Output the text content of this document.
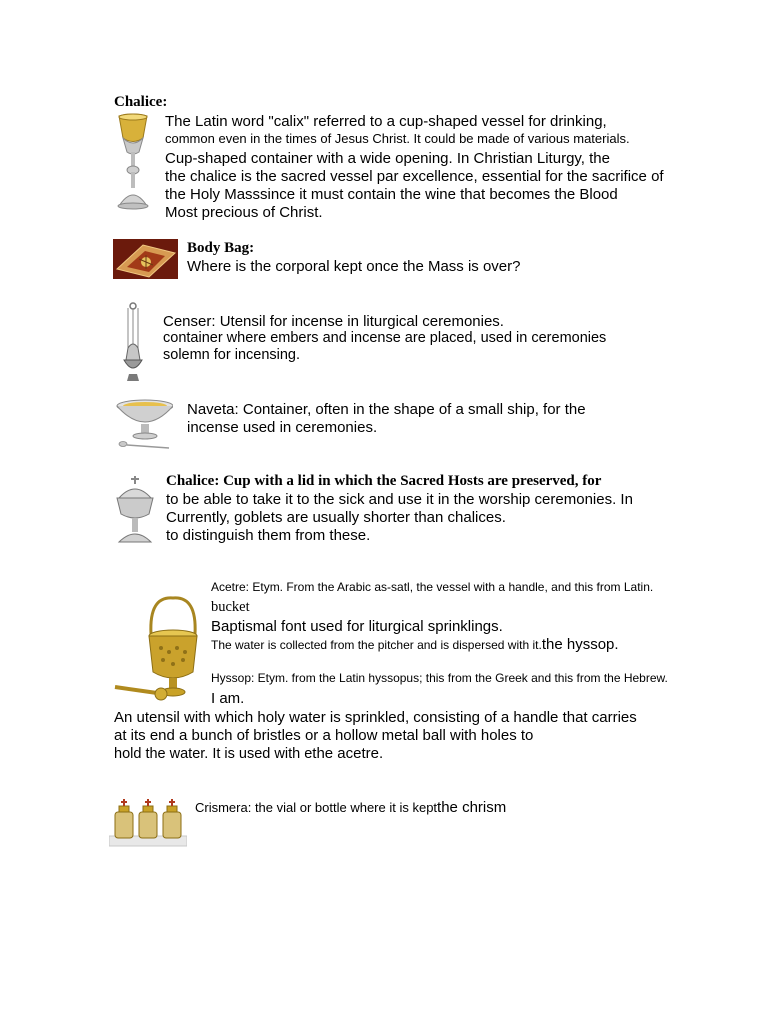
Chalice:
The Latin word "calix" referred to a cup-shaped vessel for drinking,
common even in the times of Jesus Christ. It could be made of various materials.
Cup-shaped container with a wide opening. In Christian Liturgy, the
the chalice is the sacred vessel par excellence, essential for the sacrifice of
the Holy Masssince it must contain the wine that becomes the Blood
Most precious of Christ.
Body Bag:
Where is the corporal kept once the Mass is over?
Censer: Utensil for incense in liturgical ceremonies.
container where embers and incense are placed, used in ceremonies
solemn for incensing.
Naveta: Container, often in the shape of a small ship, for the
incense used in ceremonies.
Chalice: Cup with a lid in which the Sacred Hosts are preserved, for
to be able to take it to the sick and use it in the worship ceremonies. In
Currently, goblets are usually shorter than chalices.
to distinguish them from these.
Acetre: Etym. From the Arabic as-satl, the vessel with a handle, and this from Latin.
bucket
Baptismal font used for liturgical sprinklings.
The water is collected from the pitcher and is dispersed with it.the hyssop.
Hyssop: Etym. from the Latin hyssopus; this from the Greek and this from the Hebrew.
I am.
An utensil with which holy water is sprinkled, consisting of a handle that carries
at its end a bunch of bristles or a hollow metal ball with holes to
hold the water. It is used with ethe acetre.
Crismera: the vial or bottle where it is keptthe chrism
